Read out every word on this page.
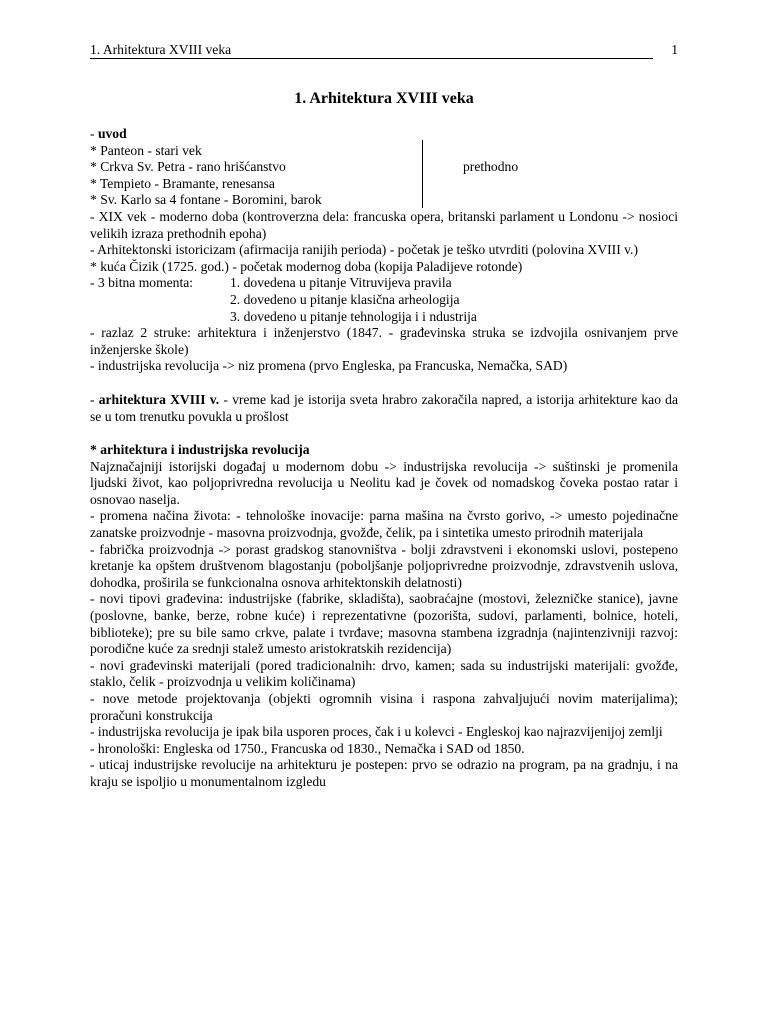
1. Arhitektura XVIII veka	1
1. Arhitektura XVIII veka

- uvod

* Panteon - stari vek

* Crkva Sv. Petra - rano hrišćanstvo

* Tempieto - Bramante, renesansa

* Sv. Karlo sa 4 fontane - Boromini, barok

prethodno

- XIX vek - moderno doba (kontroverzna dela: francuska opera, britanski parlament u Londonu -> nosioci velikih izraza prethodnih epoha)

- Arhitektonski istoricizam (afirmacija ranijih perioda) - početak je teško utvrditi (polovina XVIII v.)

* kuća Čizik (1725. god.) - početak modernog doba (kopija Paladijeve rotonde)

- 3 bitna momenta:	1. dovedena u pitanje Vitruvijeva pravila
2. dovedeno u pitanje klasična arheologija
3. dovedeno u pitanje tehnologija i i ndustrija

- razlaz 2 struke: arhitektura i inženjerstvo (1847. - građevinska struka se izdvojila osnivanjem prve inženjerske škole)

- industrijska revolucija -> niz promena (prvo Engleska, pa Francuska, Nemačka, SAD)

- arhitektura XVIII v. - vreme kad je istorija sveta hrabro zakoračila napred, a istorija arhitekture kao da se u tom trenutku povukla u prošlost

* arhitektura i industrijska revolucija

Najznačajniji istorijski događaj u modernom dobu -> industrijska revolucija -> suštinski je promenila ljudski život, kao poljoprivredna revolucija u Neolitu kad je čovek od nomadskog čoveka postao ratar i osnovao naselja.

- promena načina života: - tehnološke inovacije: parna mašina na čvrsto gorivo, -> umesto pojedinačne zanatske proizvodnje - masovna proizvodnja, gvožđe, čelik, pa i sintetika umesto prirodnih materijala

- fabrička proizvodnja -> porast gradskog stanovništva - bolji zdravstveni i ekonomski uslovi, postepeno kretanje ka opštem društvenom blagostanju (poboljšanje poljoprivredne proizvodnje, zdravstvenih uslova, dohodka, proširila se funkcionalna osnova arhitektonskih delatnosti)

- novi tipovi građevina: industrijske (fabrike, skladišta), saobraćajne (mostovi, železničke stanice), javne (poslovne, banke, berze, robne kuće) i reprezentativne (pozorišta, sudovi, parlamenti, bolnice, hoteli, biblioteke); pre su bile samo crkve, palate i tvrđave; masovna stambena izgradnja (najintenzivniji razvoj: porodične kuće za srednji stalež umesto aristokratskih rezidencija)

- novi građevinski materijali (pored tradicionalnih: drvo, kamen; sada su industrijski materijali: gvožđe, staklo, čelik - proizvodnja u velikim količinama)

- nove metode projektovanja (objekti ogromnih visina i raspona zahvaljujući novim materijalima); proračuni konstrukcija

- industrijska revolucija je ipak bila usporen proces, čak i u kolevci - Engleskoj kao najrazvijenijoj zemlji

- hronološki: Engleska od 1750., Francuska od 1830., Nemačka i SAD od 1850.

- uticaj industrijske revolucije na arhitekturu je postepen: prvo se odrazio na program, pa na gradnju, i na kraju se ispoljio u monumentalnom izgledu
